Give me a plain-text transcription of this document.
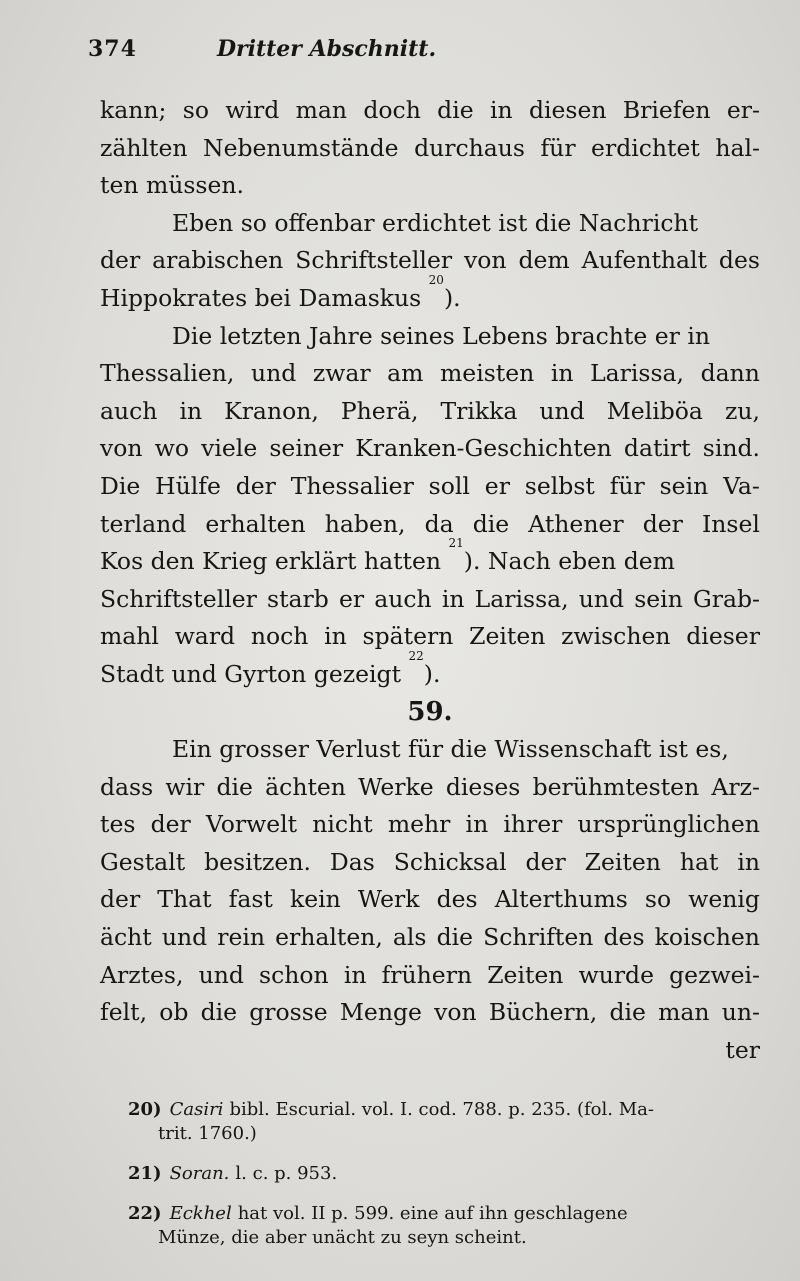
374	Dritter Abschnitt.
kann; so wird man doch die in diesen Briefen er-
zählten Nebenumstände durchaus für erdichtet hal-
ten müssen.
Eben so offenbar erdichtet ist die Nachricht
der arabischen Schriftsteller von dem Aufenthalt des
Hippokrates bei Damaskus

20
).
Die letzten Jahre seines Lebens brachte er in
Thessalien, und zwar am meisten in Larissa, dann
auch in Kranon, Pherä, Trikka und Meliböa zu,
von wo viele seiner Kranken-Geschichten datirt sind.
Die Hülfe der Thessalier soll er selbst für sein Va-
terland erhalten haben, da die Athener der Insel
Kos den Krieg erklärt hatten

21
). Nach eben dem
Schriftsteller starb er auch in Larissa, und sein Grab-
mahl ward noch in spätern Zeiten zwischen dieser
Stadt und Gyrton gezeigt

22
).
59.
Ein grosser Verlust für die Wissenschaft ist es,
dass wir die ächten Werke dieses berühmtesten Arz-
tes der Vorwelt nicht mehr in ihrer ursprünglichen
Gestalt besitzen. Das Schicksal der Zeiten hat in
der That fast kein Werk des Alterthums so wenig
ächt und rein erhalten, als die Schriften des koischen
Arztes, und schon in frühern Zeiten wurde gezwei-
felt, ob die grosse Menge von Büchern, die man un-
ter
20) Casiri bibl. Escurial. vol. I. cod. 788. p. 235. (fol. Ma-
trit. 1760.)
21) Soran. l. c. p. 953.
22) Eckhel hat vol. II p. 599. eine auf ihn geschlagene
Münze, die aber unächt zu seyn scheint.
